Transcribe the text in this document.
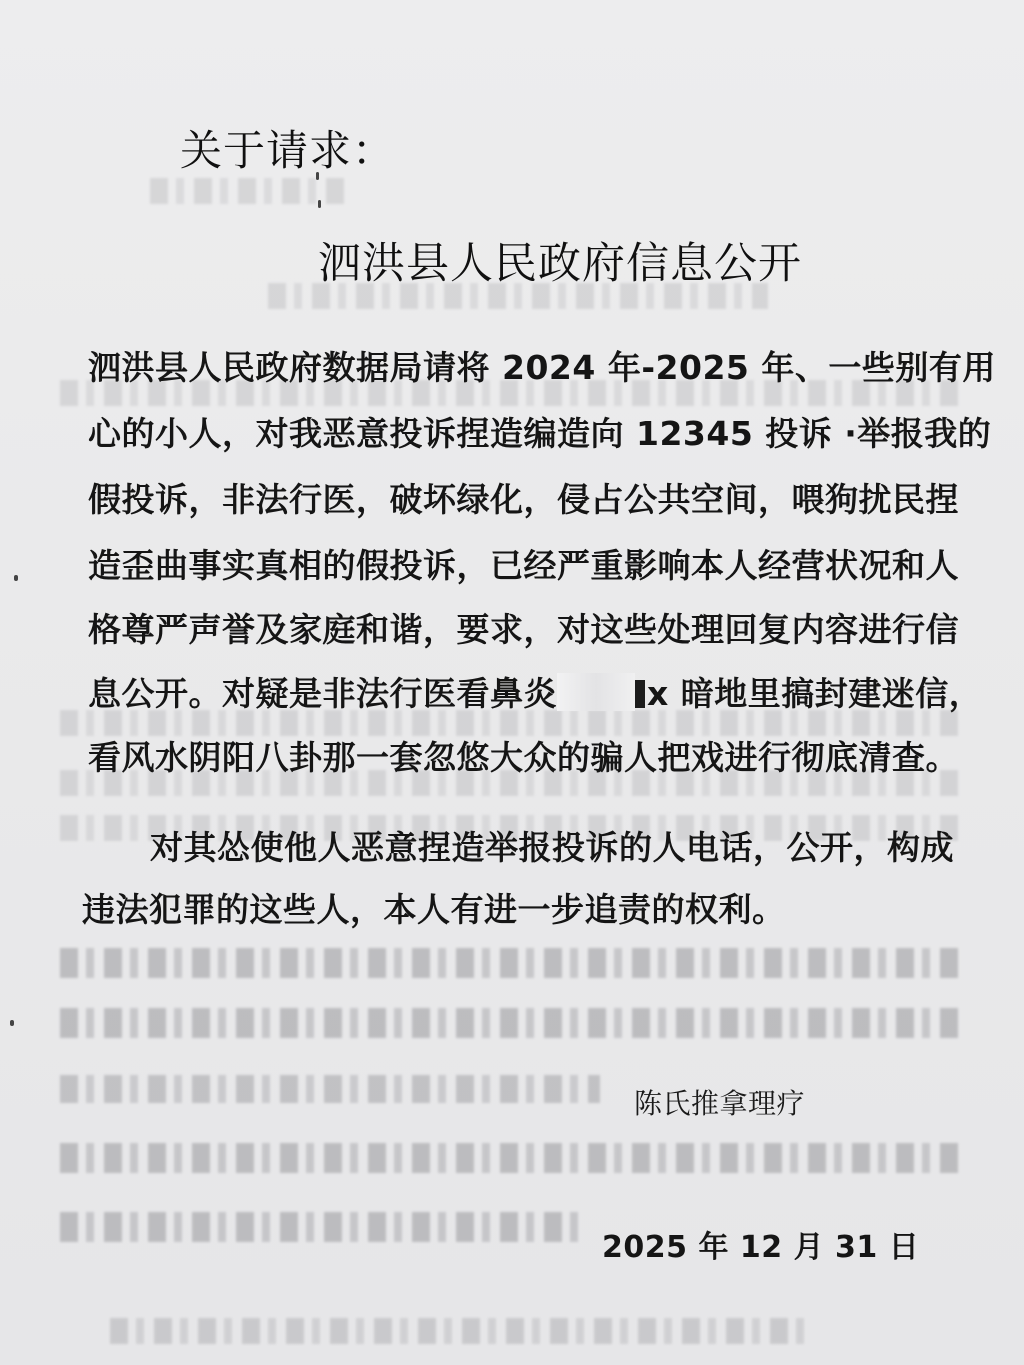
关于请求：
泗洪县人民政府信息公开
泗洪县人民政府数据局请将 2024 年-2025 年、一些别有用
心的小人，对我恶意投诉捏造编造向 12345 投诉 ·举报我的
假投诉，非法行医，破坏绿化，侵占公共空间，喂狗扰民捏
造歪曲事实真相的假投诉，已经严重影响本人经营状况和人
格尊严声誉及家庭和谐，要求，对这些处理回复内容进行信
息公开。对疑是非法行医看鼻炎	x 暗地里搞封建迷信，
看风水阴阳八卦那一套忽悠大众的骗人把戏进行彻底清查。
对其怂使他人恶意捏造举报投诉的人电话，公开，构成
违法犯罪的这些人，本人有进一步追责的权利。
陈氏推拿理疗
2025 年 12 月 31 日
